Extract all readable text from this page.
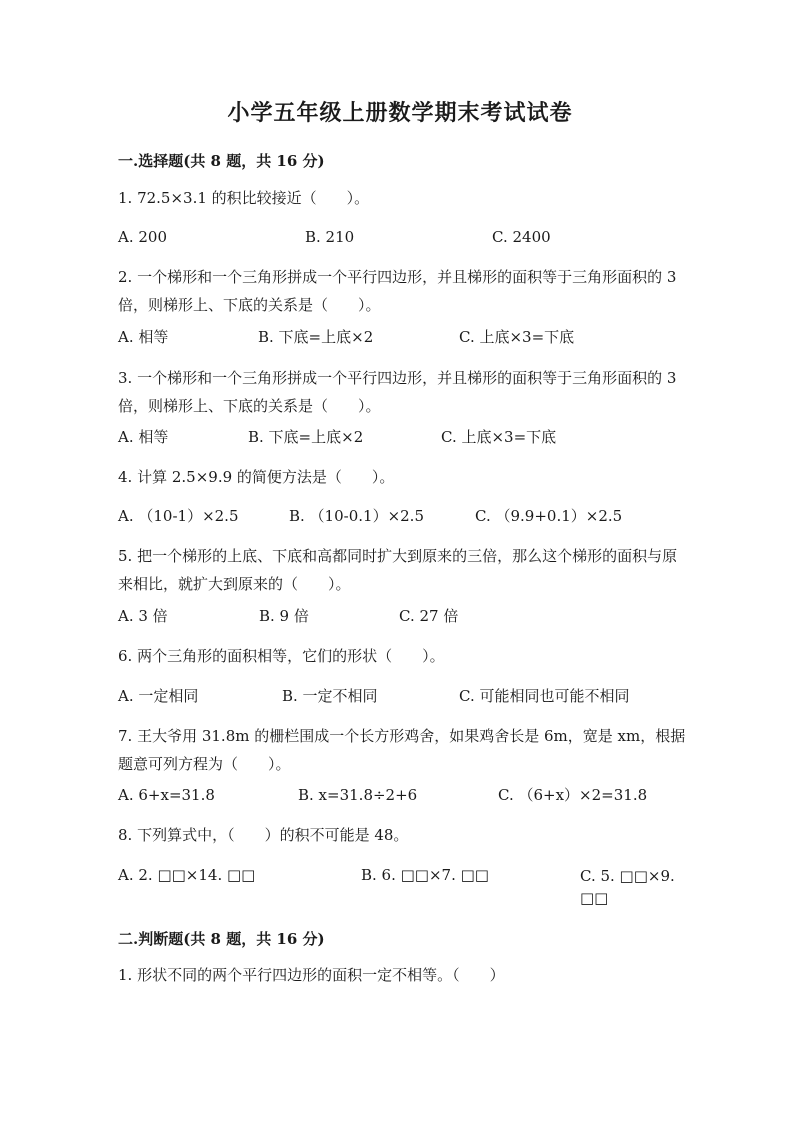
小学五年级上册数学期末考试试卷
一.选择题(共 8 题，共 16 分)
1. 72.5×3.1 的积比较接近（　　）。
A. 200	B. 210	C. 2400
2. 一个梯形和一个三角形拼成一个平行四边形，并且梯形的面积等于三角形面积的 3 倍，则梯形上、下底的关系是（　　）。
A. 相等	B. 下底=上底×2	C. 上底×3=下底
3. 一个梯形和一个三角形拼成一个平行四边形，并且梯形的面积等于三角形面积的 3 倍，则梯形上、下底的关系是（　　）。
A. 相等	B. 下底=上底×2	C. 上底×3=下底
4. 计算 2.5×9.9 的简便方法是（　　）。
A. （10-1）×2.5	B. （10-0.1）×2.5	C. （9.9+0.1）×2.5
5. 把一个梯形的上底、下底和高都同时扩大到原来的三倍，那么这个梯形的面积与原来相比，就扩大到原来的（　　）。
A. 3 倍	B. 9 倍	C. 27 倍
6. 两个三角形的面积相等，它们的形状（　　）。
A. 一定相同	B. 一定不相同	C. 可能相同也可能不相同
7. 王大爷用 31.8m 的栅栏围成一个长方形鸡舍，如果鸡舍长是 6m，宽是 xm，根据题意可列方程为（　　）。
A. 6+x=31.8	B. x=31.8÷2+6	C. （6+x）×2=31.8
8. 下列算式中，（　　）的积不可能是 48。
A. 2. □□×14. □□	B. 6. □□×7. □□	C. 5. □□×9. □□
二.判断题(共 8 题，共 16 分)
1. 形状不同的两个平行四边形的面积一定不相等。（　　）
